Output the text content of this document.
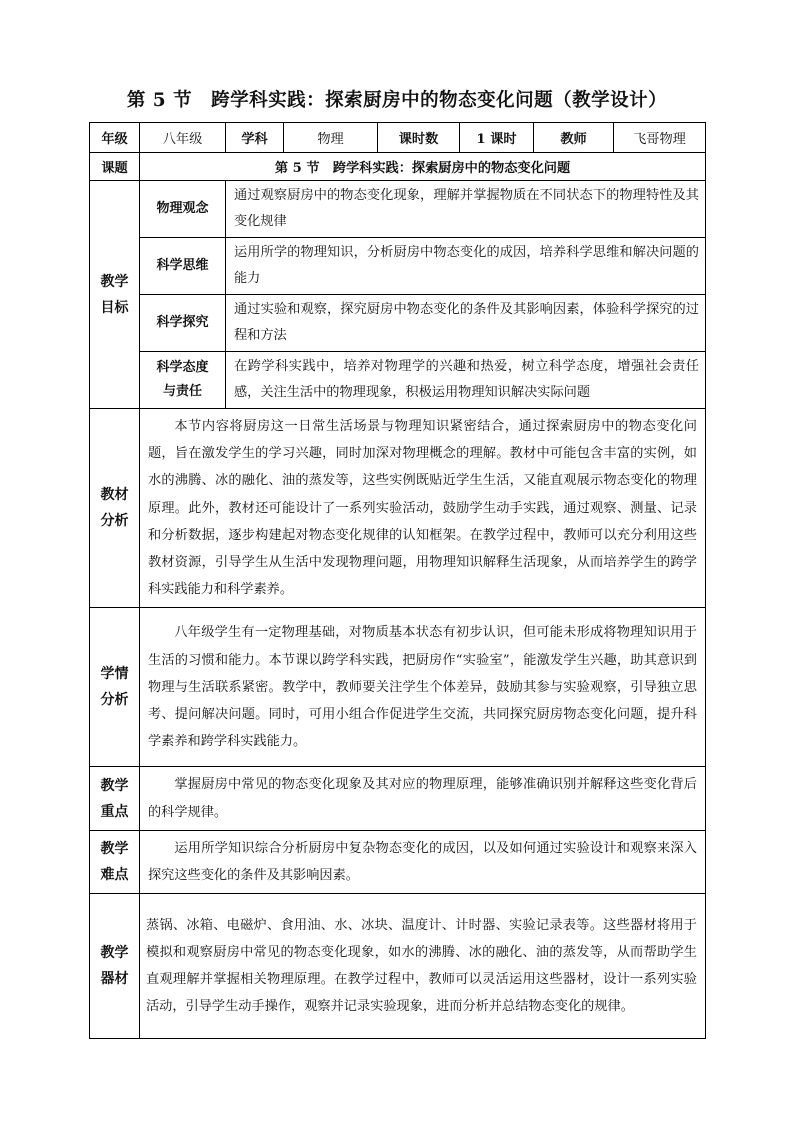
第 5 节　跨学科实践：探索厨房中的物态变化问题（教学设计）
年级	八年级	学科	物理	课时数	1 课时	教师	飞哥物理
课题	第 5 节　跨学科实践：探索厨房中的物态变化问题						
教学
目标	物理观念	通过观察厨房中的物态变化现象，理解并掌握物质在不同状态下的物理特性及其变化规律					
	科学思维	运用所学的物理知识，分析厨房中物态变化的成因，培养科学思维和解决问题的能力					
	科学探究	通过实验和观察，探究厨房中物态变化的条件及其影响因素，体验科学探究的过程和方法					
	科学态度
与责任	在跨学科实践中，培养对物理学的兴趣和热爱，树立科学态度，增强社会责任感，关注生活中的物理现象，积极运用物理知识解决实际问题					
教材
分析	本节内容将厨房这一日常生活场景与物理知识紧密结合，通过探索厨房中的物态变化问题，旨在激发学生的学习兴趣，同时加深对物理概念的理解。教材中可能包含丰富的实例，如水的沸腾、冰的融化、油的蒸发等，这些实例既贴近学生生活，又能直观展示物态变化的物理原理。此外，教材还可能设计了一系列实验活动，鼓励学生动手实践，通过观察、测量、记录和分析数据，逐步构建起对物态变化规律的认知框架。在教学过程中，教师可以充分利用这些教材资源，引导学生从生活中发现物理问题，用物理知识解释生活现象，从而培养学生的跨学科实践能力和科学素养。						
学情
分析	八年级学生有一定物理基础，对物质基本状态有初步认识，但可能未形成将物理知识用于生活的习惯和能力。本节课以跨学科实践，把厨房作“实验室”，能激发学生兴趣，助其意识到物理与生活联系紧密。教学中，教师要关注学生个体差异，鼓励其参与实验观察，引导独立思考、提问解决问题。同时，可用小组合作促进学生交流，共同探究厨房物态变化问题，提升科学素养和跨学科实践能力。						
教学
重点	掌握厨房中常见的物态变化现象及其对应的物理原理，能够准确识别并解释这些变化背后的科学规律。						
教学
难点	运用所学知识综合分析厨房中复杂物态变化的成因，以及如何通过实验设计和观察来深入探究这些变化的条件及其影响因素。						
教学
器材	蒸锅、冰箱、电磁炉、食用油、水、冰块、温度计、计时器、实验记录表等。这些器材将用于模拟和观察厨房中常见的物态变化现象，如水的沸腾、冰的融化、油的蒸发等，从而帮助学生直观理解并掌握相关物理原理。在教学过程中，教师可以灵活运用这些器材，设计一系列实验活动，引导学生动手操作，观察并记录实验现象，进而分析并总结物态变化的规律。						
